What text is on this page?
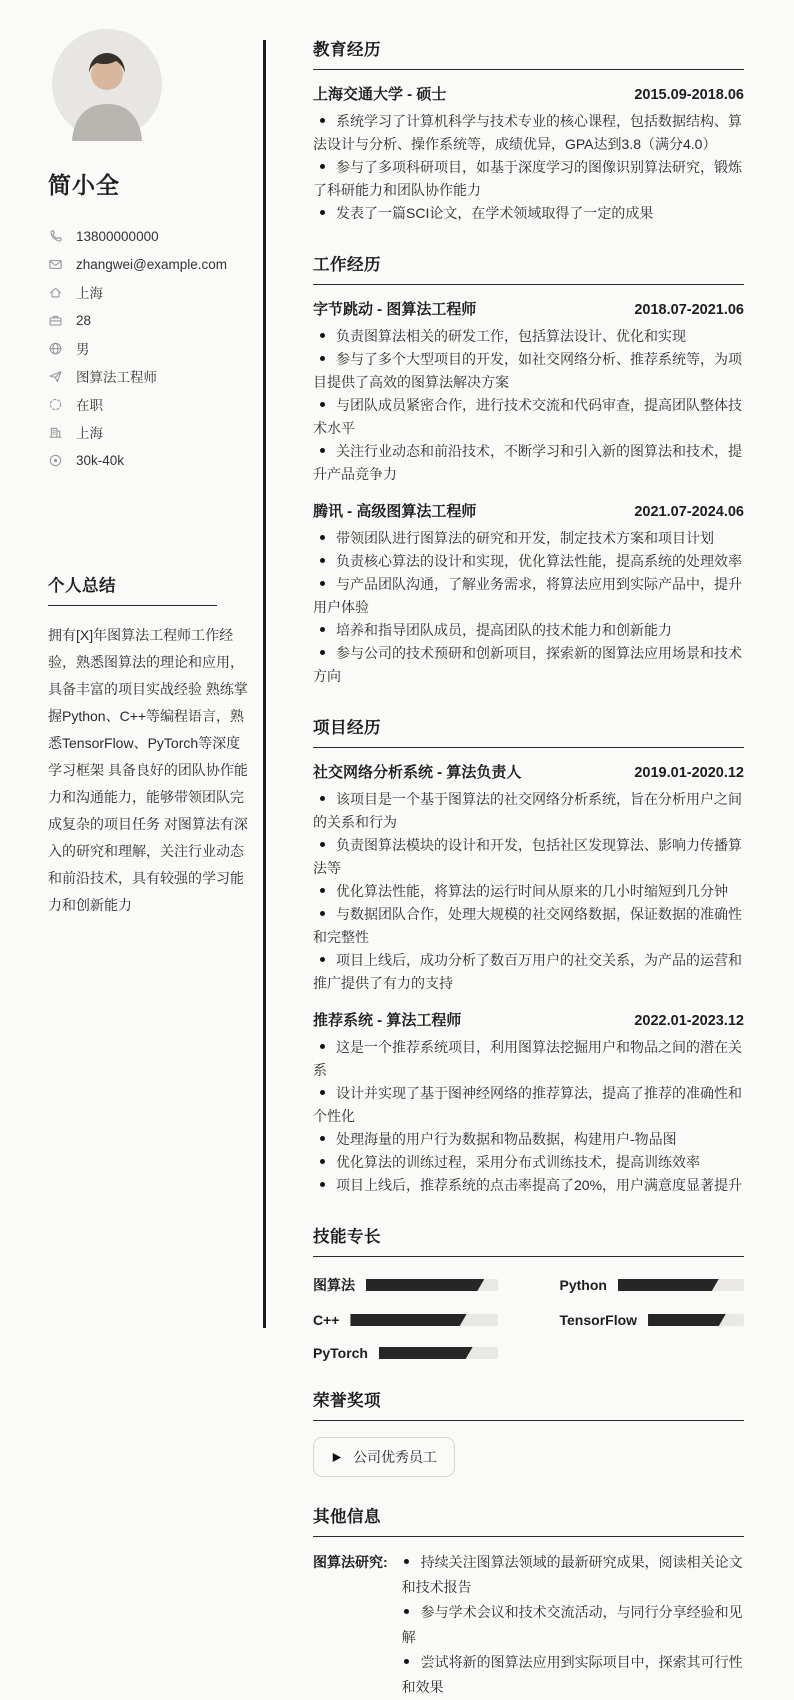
简小全
13800000000
zhangwei@example.com
上海
28
男
图算法工程师
在职
上海
30k-40k
个人总结

拥有[X]年图算法工程师工作经验，熟悉图算法的理论和应用，具备丰富的项目实战经验 熟练掌握Python、C++等编程语言，熟悉TensorFlow、PyTorch等深度学习框架 具备良好的团队协作能力和沟通能力，能够带领团队完成复杂的项目任务 对图算法有深入的研究和理解，关注行业动态和前沿技术，具有较强的学习能力和创新能力

教育经历
上海交通大学 - 硕士	2015.09-2018.06
系统学习了计算机科学与技术专业的核心课程，包括数据结构、算法设计与分析、操作系统等，成绩优异，GPA达到3.8（满分4.0）
参与了多项科研项目，如基于深度学习的图像识别算法研究，锻炼了科研能力和团队协作能力
发表了一篇SCI论文，在学术领域取得了一定的成果
工作经历
字节跳动 - 图算法工程师	2018.07-2021.06
负责图算法相关的研发工作，包括算法设计、优化和实现
参与了多个大型项目的开发，如社交网络分析、推荐系统等，为项目提供了高效的图算法解决方案
与团队成员紧密合作，进行技术交流和代码审查，提高团队整体技术水平
关注行业动态和前沿技术，不断学习和引入新的图算法和技术，提升产品竞争力
腾讯 - 高级图算法工程师	2021.07-2024.06
带领团队进行图算法的研究和开发，制定技术方案和项目计划
负责核心算法的设计和实现，优化算法性能，提高系统的处理效率
与产品团队沟通，了解业务需求，将算法应用到实际产品中，提升用户体验
培养和指导团队成员，提高团队的技术能力和创新能力
参与公司的技术预研和创新项目，探索新的图算法应用场景和技术方向
项目经历
社交网络分析系统 - 算法负责人	2019.01-2020.12
该项目是一个基于图算法的社交网络分析系统，旨在分析用户之间的关系和行为
负责图算法模块的设计和开发，包括社区发现算法、影响力传播算法等
优化算法性能，将算法的运行时间从原来的几小时缩短到几分钟
与数据团队合作，处理大规模的社交网络数据，保证数据的准确性和完整性
项目上线后，成功分析了数百万用户的社交关系，为产品的运营和推广提供了有力的支持
推荐系统 - 算法工程师	2022.01-2023.12
这是一个推荐系统项目，利用图算法挖掘用户和物品之间的潜在关系
设计并实现了基于图神经网络的推荐算法，提高了推荐的准确性和个性化
处理海量的用户行为数据和物品数据，构建用户-物品图
优化算法的训练过程，采用分布式训练技术，提高训练效率
项目上线后，推荐系统的点击率提高了20%，用户满意度显著提升
技能专长
图算法	Python
C++	TensorFlow
PyTorch
荣誉奖项
公司优秀员工
其他信息
图算法研究:	持续关注图算法领域的最新研究成果，阅读相关论文和技术报告
参与学术会议和技术交流活动，与同行分享经验和见解
尝试将新的图算法应用到实际项目中，探索其可行性和效果
